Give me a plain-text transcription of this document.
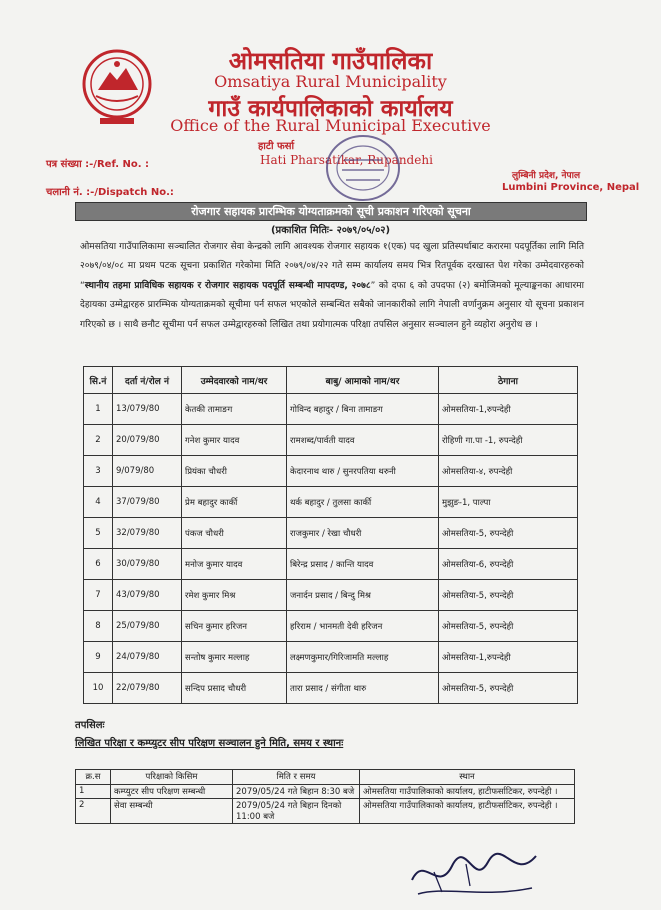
ओमसतिया गाउँपालिका
Omsatiya Rural Municipality
गाउँ कार्यपालिकाको कार्यालय
Office of the Rural Municipal Executive
हाटी फर्सा
Hati Pharsatikar, Rupandehi
पत्र संख्या :-/Ref. No. :
चलानी नं. :-/Dispatch No.:
लुम्बिनी प्रदेश, नेपाल
Lumbini Province, Nepal
रोजगार सहायक प्रारम्भिक योग्यताक्रमको सूची प्रकाशन गरिएको सूचना
(प्रकाशित मितिः- २०७९/०५/०२)

ओमसतिया गाउँपालिकामा सञ्चालित रोजगार सेवा केन्द्रको लागि आवश्यक रोजगार सहायक १(एक) पद खुला प्रतिस्पर्धाबाट करारमा पदपूर्तिका लागि मिति २०७९/०४/०८ मा प्रथम पटक सूचना प्रकाशित गरेकोमा मिति २०७९/०४/२२ गते सम्म कार्यालय समय भित्र रितपूर्वक दरखास्त पेश गरेका उम्मेदवारहरुको “स्थानीय तहमा प्राविधिक सहायक र रोजगार सहायक पदपूर्ति सम्बन्धी मापदण्ड, २०७८” को दफा ६ को उपदफा (२) बमोजिमको मूल्याङ्कनका आधारमा देहायका उम्मेद्वारहरु प्रारम्भिक योग्यताक्रमको सूचीमा पर्न सफल भएकोले सम्बन्धित सबैको जानकारीको लागि नेपाली वर्णानुक्रम अनुसार यो सूचना प्रकाशन गरिएको छ । साथै छनौट सूचीमा पर्न सफल उम्मेद्वारहरुको लिखित तथा प्रयोगात्मक परिक्षा तपसिल अनुसार सञ्चालन हुने व्यहोरा अनुरोध छ ।

सि.नं	दर्ता नं/रोल नं	उम्मेदवारको नाम/थर	बाबु/ आमाको नाम/थर	ठेगाना
1	13/079/80	केतकी तामाङग	गोविन्द बहादुर / बिना तामाङग	ओमसतिया-1,रुपन्देही
2	20/079/80	गनेश कुमार यादव	रामशब्द/पार्वती यादव	रोहिणी गा.पा -1, रुपन्देही
3	9/079/80	प्रियंका चौधरी	केदारनाथ थारु / सुनरपतिया थरुनी	ओमसतिया-४, रुपन्देही
4	37/079/80	प्रेम बहादुर कार्की	थर्क बहादुर / तुलसा कार्की	मुझुङ-1, पाल्पा
5	32/079/80	पंकज चौधरी	राजकुमार / रेखा चौधरी	ओमसतिया-5, रुपन्देही
6	30/079/80	मनोज कुमार यादव	बिरेन्द्र प्रसाद / कान्ति यादव	ओमसतिया-6, रुपन्देही
7	43/079/80	रमेश कुमार मिश्र	जनार्दन प्रसाद / बिन्दु मिश्र	ओमसतिया-5, रुपन्देही
8	25/079/80	सचिन कुमार हरिजन	हरिराम / भानमती देवी हरिजन	ओमसतिया-5, रुपन्देही
9	24/079/80	सन्तोष कुमार मल्लाह	लक्ष्मणकुमार/गिरिजामति मल्लाह	ओमसतिया-1,रुपन्देही
10	22/079/80	सन्दिप प्रसाद चौधरी	तारा प्रसाद / संगीता थारु	ओमसतिया-5, रुपन्देही
तपसिलः
लिखित परिक्षा र कम्प्युटर सीप परिक्षण सञ्चालन हुने मिति, समय र स्थानः
क्र.स	परिक्षाको किसिम	मिति र समय	स्थान
1	कम्प्युटर सीप परिक्षण सम्बन्धी	2079/05/24 गते बिहान 8:30 बजे	ओमसतिया गाउँपालिकाको कार्यालय, हाटीफर्साटिकर, रुपन्देही ।
2	सेवा सम्बन्धी	2079/05/24 गते बिहान दिनको 11:00 बजे	ओमसतिया गाउँपालिकाको कार्यालय, हाटीफर्साटिकर, रुपन्देही ।
